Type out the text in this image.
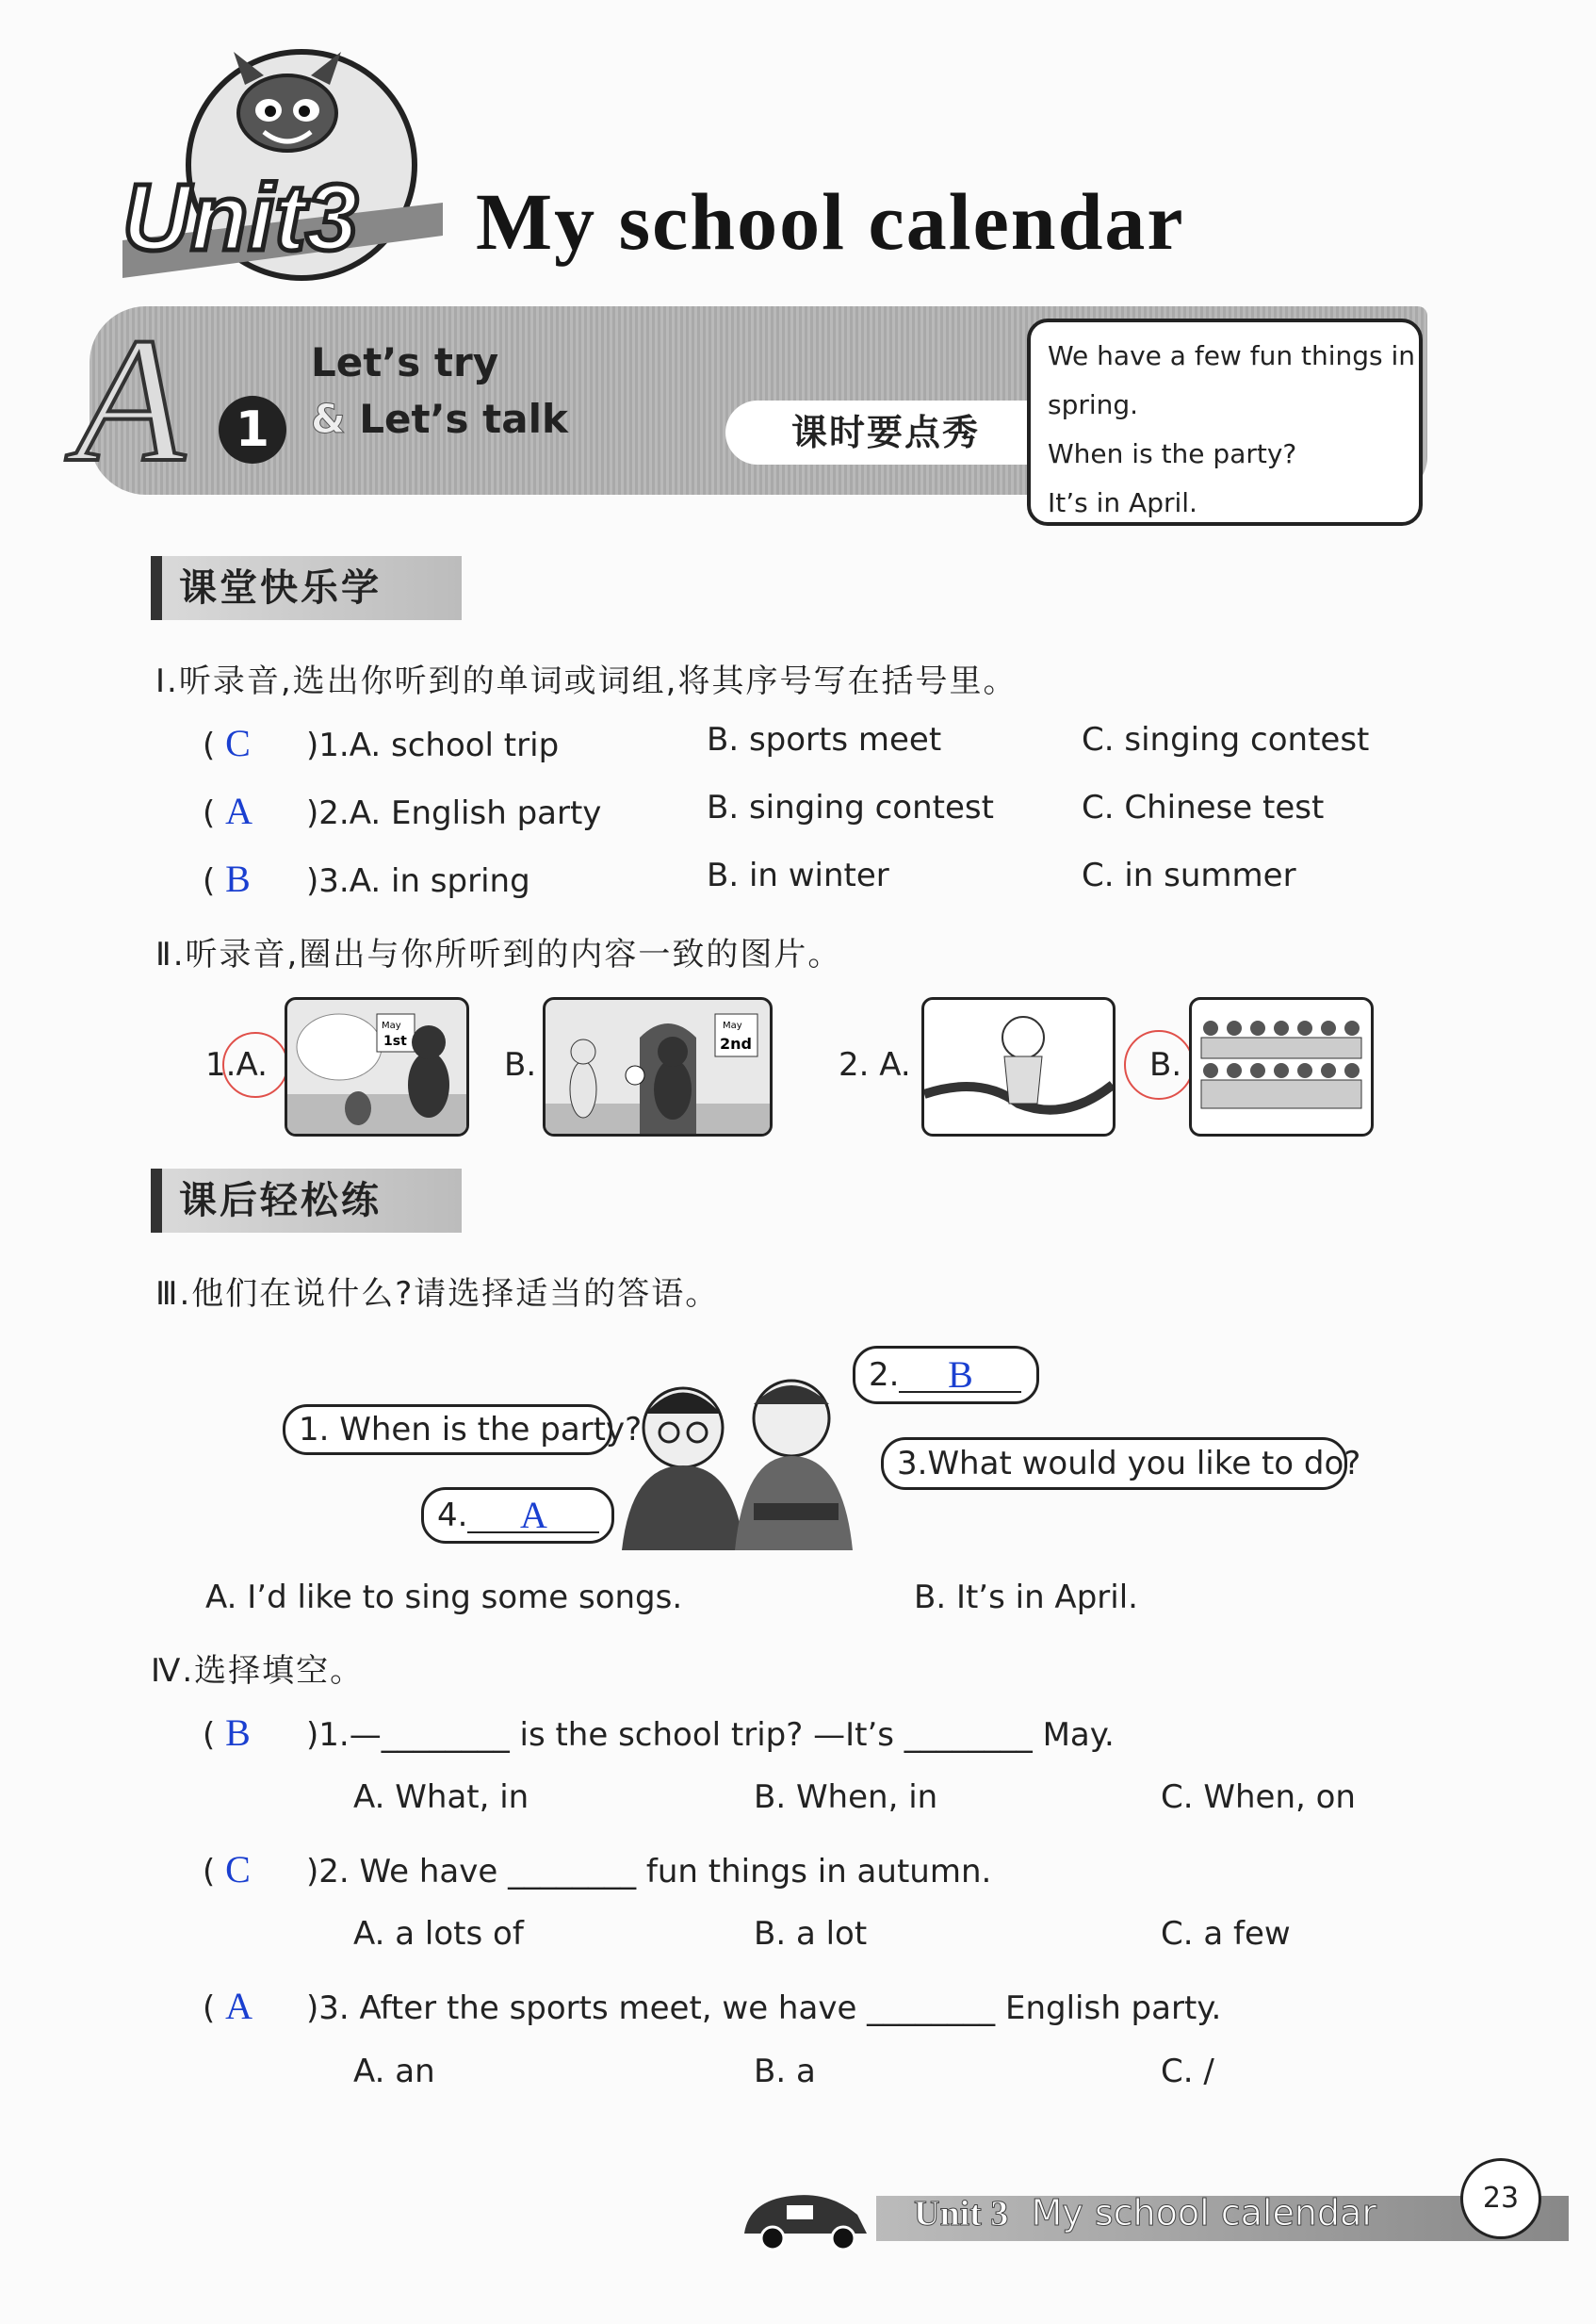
Unit3 My school calendar
A	1
Let’s try
& Let’s talk	课时要点秀
We have a few fun things in
spring.
When is the party?
It’s in April.
课堂快乐学
Ⅰ.听录音,选出你听到的单词或词组,将其序号写在括号里。
( C )1.A. school trip	B. sports meet	C. singing contest
( A )2.A. English party	B. singing contest	C. Chinese test
( B )3.A. in spring	B. in winter	C. in summer
Ⅱ.听录音,圈出与你所听到的内容一致的图片。
1.A.
May
1st
B.
May
2nd
2. A.	B.
课后轻松练
Ⅲ.他们在说什么?请选择适当的答语。
1. When is the party?
2. B
3.What would you like to do?
4. A
A. I’d like to sing some songs.	B. It’s in April.
Ⅳ.选择填空。
( B )1.—________ is the school trip? —It’s ________ May.
A. What, in	B. When, in	C. When, on
( C )2. We have ________ fun things in autumn.
A. a lots of	B. a lot	C. a few
( A )3. After the sports meet, we have ________ English party.
A. an	B. a	C. /
Unit 3 My school calendar	23
